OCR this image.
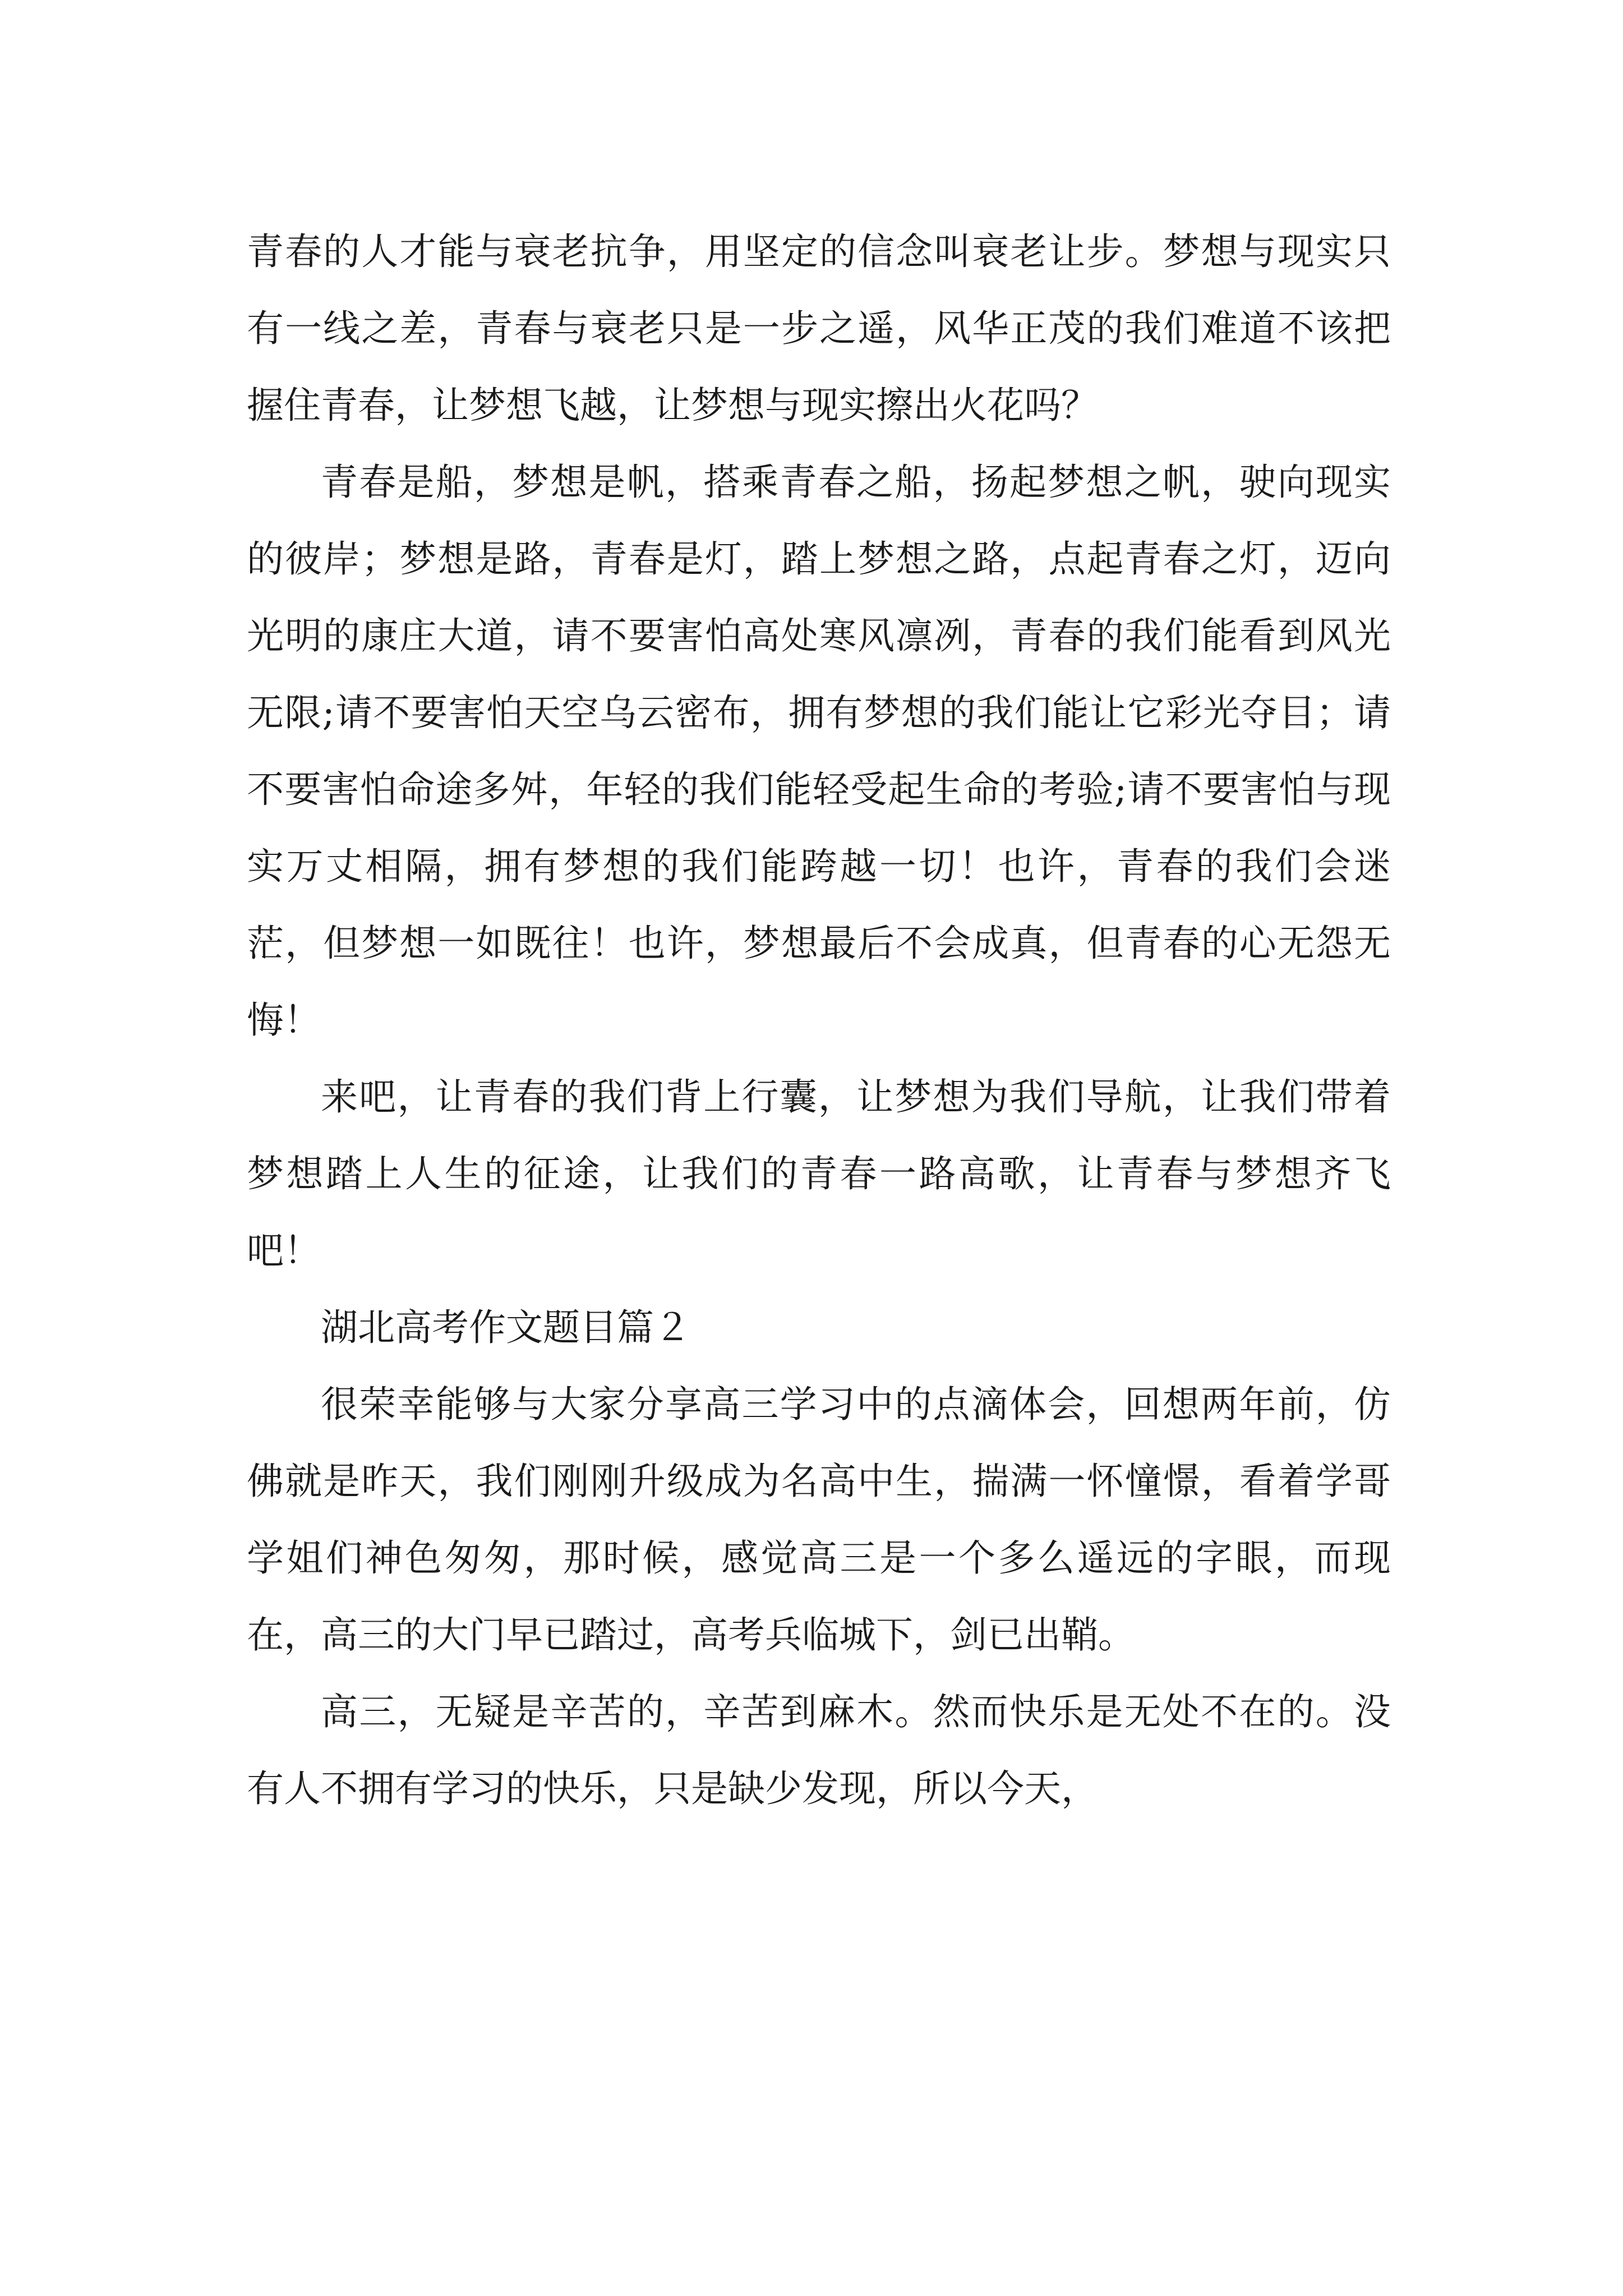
青春的人才能与衰老抗争，用坚定的信念叫衰老让步。梦想与现实只有一线之差，青春与衰老只是一步之遥，风华正茂的我们难道不该把握住青春，让梦想飞越，让梦想与现实擦出火花吗？

青春是船，梦想是帆，搭乘青春之船，扬起梦想之帆，驶向现实的彼岸；梦想是路，青春是灯，踏上梦想之路，点起青春之灯，迈向光明的康庄大道，请不要害怕高处寒风凛冽，青春的我们能看到风光无限;请不要害怕天空乌云密布，拥有梦想的我们能让它彩光夺目；请不要害怕命途多舛，年轻的我们能轻受起生命的考验;请不要害怕与现实万丈相隔，拥有梦想的我们能跨越一切！也许，青春的我们会迷茫，但梦想一如既往！也许，梦想最后不会成真，但青春的心无怨无悔！

来吧，让青春的我们背上行囊，让梦想为我们导航，让我们带着梦想踏上人生的征途，让我们的青春一路高歌，让青春与梦想齐飞吧！

湖北高考作文题目篇２

很荣幸能够与大家分享高三学习中的点滴体会，回想两年前，仿佛就是昨天，我们刚刚升级成为名高中生，揣满一怀憧憬，看着学哥学姐们神色匆匆，那时候，感觉高三是一个多么遥远的字眼，而现在，高三的大门早已踏过，高考兵临城下，剑已出鞘。

高三，无疑是辛苦的，辛苦到麻木。然而快乐是无处不在的。没有人不拥有学习的快乐，只是缺少发现，所以今天，
